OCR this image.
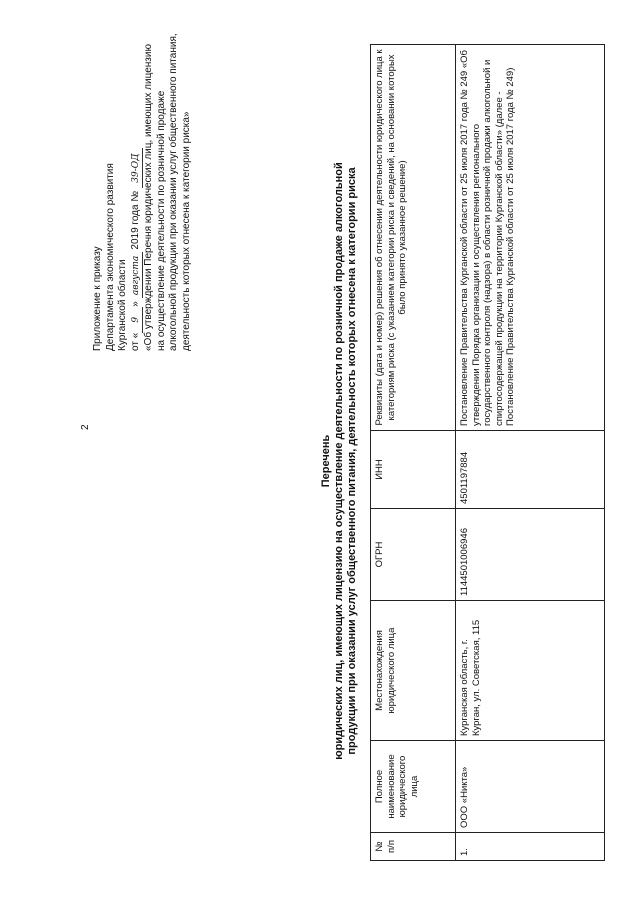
2
Приложение к приказу Департамента экономического развития Курганской области от «9» августа 2019 года № 39-ОД «Об утверждении Перечня юридических лиц, имеющих лицензию на осуществление деятельности по розничной продаже алкогольной продукции при оказании услуг общественного питания, деятельность которых отнесена к категории риска»
Перечень юридических лиц, имеющих лицензию на осуществление деятельности по розничной продаже алкогольной продукции при оказании услуг общественного питания, деятельность которых отнесена к категории риска
№ п/п	Полное наименование юридического лица	Местонахождения юридического лица	ОГРН	ИНН	Реквизиты (дата и номер) решения об отнесении деятельности юридического лица к категориям риска (с указанием категории риска и сведений, на основании которых было принято указанное решение)
1.	ООО «Никта»	Курганская область, г. Курган, ул. Советская, 115	1144501006946	4501197884	Постановление Правительства Курганской области от 25 июля 2017 года № 249 «Об утверждении Порядка организации и осуществления регионального государственного контроля (надзора) в области розничной продажи алкогольной и спиртосодержащей продукции на территории Курганской области» (далее - Постановление Правительства Курганской области от 25 июля 2017 года № 249)
